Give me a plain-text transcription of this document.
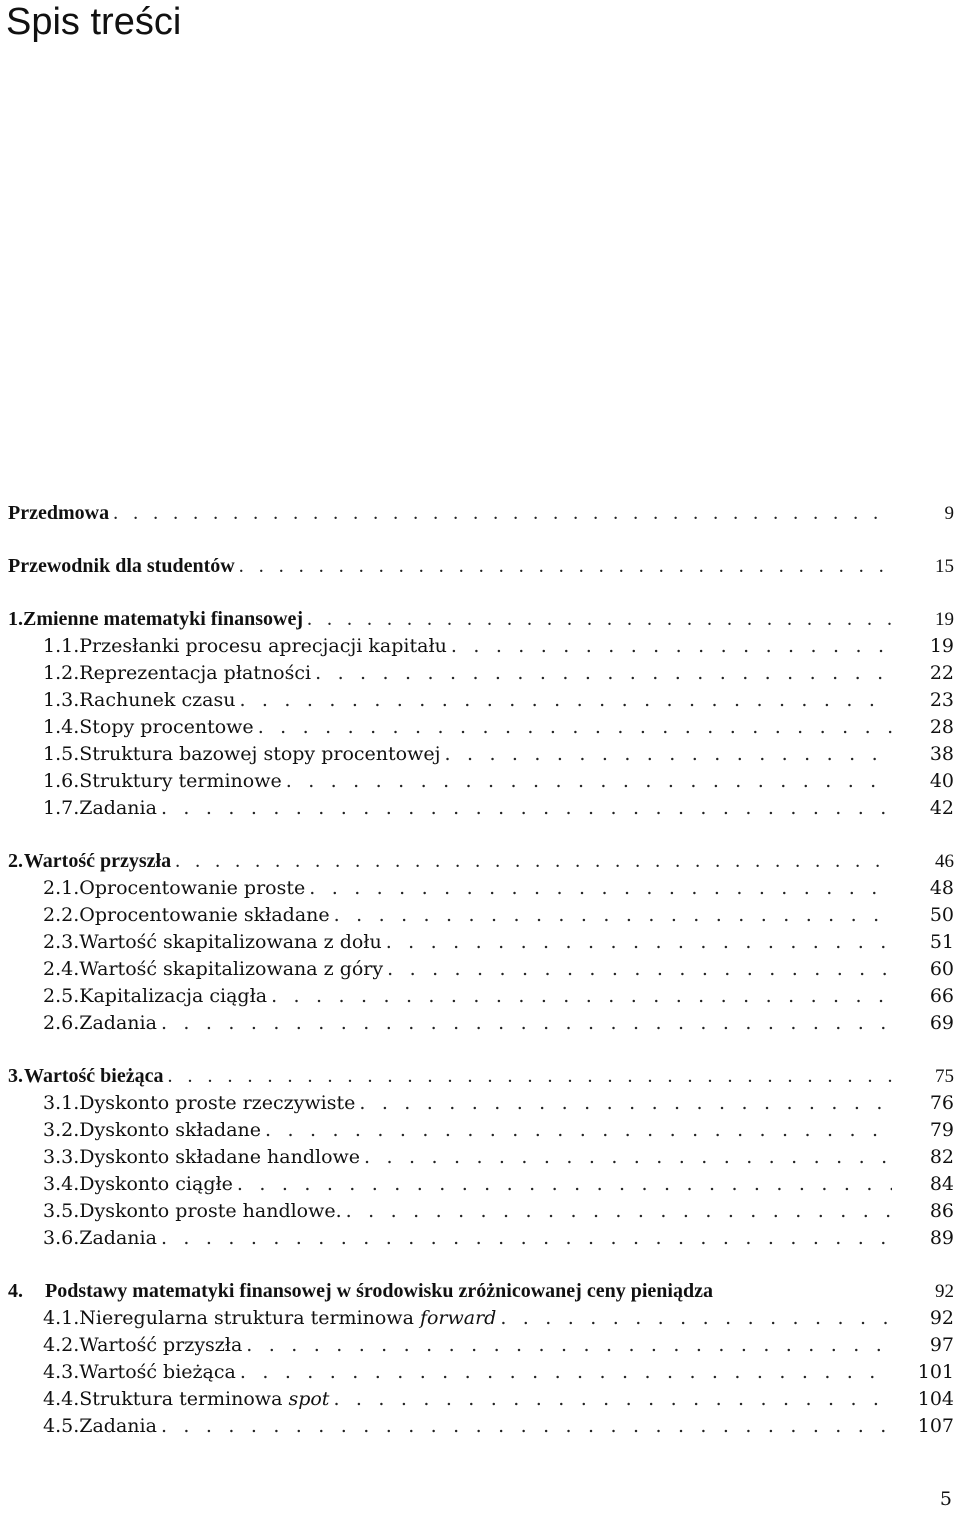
Spis treści
Przedmowa . . .	9
Przewodnik dla studentów . . .	15
1. Zmienne matematyki finansowej . . .	19
1.1. Przesłanki procesu aprecjacji kapitału . . .	19
1.2. Reprezentacja płatności . . .	22
1.3. Rachunek czasu . . .	23
1.4. Stopy procentowe . . .	28
1.5. Struktura bazowej stopy procentowej . . .	38
1.6. Struktury terminowe . . .	40
1.7. Zadania . . .	42
2. Wartość przyszła . . .	46
2.1. Oprocentowanie proste . . .	48
2.2. Oprocentowanie składane . . .	50
2.3. Wartość skapitalizowana z dołu . . .	51
2.4. Wartość skapitalizowana z góry . . .	60
2.5. Kapitalizacja ciągła . . .	66
2.6. Zadania . . .	69
3. Wartość bieżąca . . .	75
3.1. Dyskonto proste rzeczywiste . . .	76
3.2. Dyskonto składane . . .	79
3.3. Dyskonto składane handlowe . . .	82
3.4. Dyskonto ciągłe . . .	84
3.5. Dyskonto proste handlowe. . . .	86
3.6. Zadania . . .	89
4.	Podstawy matematyki finansowej w środowisku zróżnicowanej ceny pieniądza	92
4.1. Nieregularna struktura terminowa forward . . .	92
4.2. Wartość przyszła . . .	97
4.3. Wartość bieżąca . . .	101
4.4. Struktura terminowa spot . . .	104
4.5. Zadania . . .	107
5
